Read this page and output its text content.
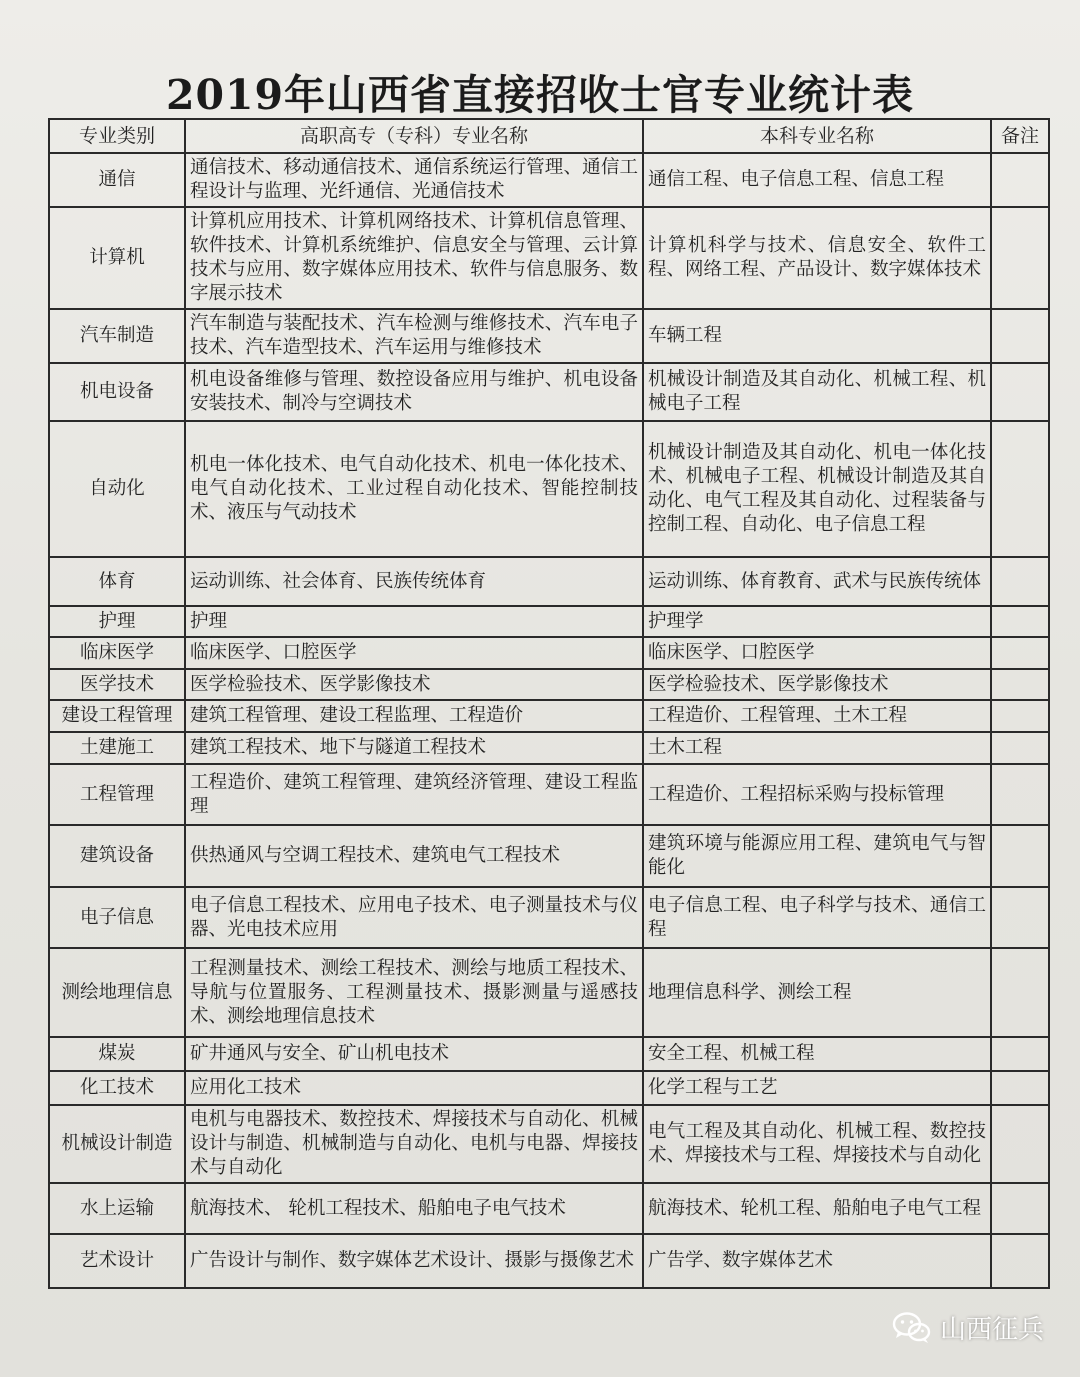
2019年山西省直接招收士官专业统计表
专业类别	高职高专（专科）专业名称	本科专业名称	备注
通信	通信技术、移动通信技术、通信系统运行管理、通信工程设计与监理、光纤通信、光通信技术	通信工程、电子信息工程、信息工程	
计算机	计算机应用技术、计算机网络技术、计算机信息管理、软件技术、计算机系统维护、信息安全与管理、云计算技术与应用、数字媒体应用技术、软件与信息服务、数字展示技术	计算机科学与技术、信息安全、软件工程、网络工程、产品设计、数字媒体技术	
汽车制造	汽车制造与装配技术、汽车检测与维修技术、汽车电子技术、汽车造型技术、汽车运用与维修技术	车辆工程	
机电设备	机电设备维修与管理、数控设备应用与维护、机电设备安装技术、制冷与空调技术	机械设计制造及其自动化、机械工程、机械电子工程	
自动化	机电一体化技术、电气自动化技术、机电一体化技术、电气自动化技术、工业过程自动化技术、智能控制技术、液压与气动技术	机械设计制造及其自动化、机电一体化技术、机械电子工程、机械设计制造及其自动化、电气工程及其自动化、过程装备与控制工程、自动化、电子信息工程	
体育	运动训练、社会体育、民族传统体育	运动训练、体育教育、武术与民族传统体	
护理	护理	护理学	
临床医学	临床医学、口腔医学	临床医学、口腔医学	
医学技术	医学检验技术、医学影像技术	医学检验技术、医学影像技术	
建设工程管理	建筑工程管理、建设工程监理、工程造价	工程造价、工程管理、土木工程	
土建施工	建筑工程技术、地下与隧道工程技术	土木工程	
工程管理	工程造价、建筑工程管理、建筑经济管理、建设工程监理	工程造价、工程招标采购与投标管理	
建筑设备	供热通风与空调工程技术、建筑电气工程技术	建筑环境与能源应用工程、建筑电气与智能化	
电子信息	电子信息工程技术、应用电子技术、电子测量技术与仪器、光电技术应用	电子信息工程、电子科学与技术、通信工程	
测绘地理信息	工程测量技术、测绘工程技术、测绘与地质工程技术、导航与位置服务、工程测量技术、摄影测量与遥感技术、测绘地理信息技术	地理信息科学、测绘工程	
煤炭	矿井通风与安全、矿山机电技术	安全工程、机械工程	
化工技术	应用化工技术	化学工程与工艺	
机械设计制造	电机与电器技术、数控技术、焊接技术与自动化、机械设计与制造、机械制造与自动化、电机与电器、焊接技术与自动化	电气工程及其自动化、机械工程、数控技术、焊接技术与工程、焊接技术与自动化	
水上运输	航海技术、 轮机工程技术、船舶电子电气技术	航海技术、轮机工程、船舶电子电气工程	
艺术设计	广告设计与制作、数字媒体艺术设计、摄影与摄像艺术	广告学、数字媒体艺术	
山西征兵
